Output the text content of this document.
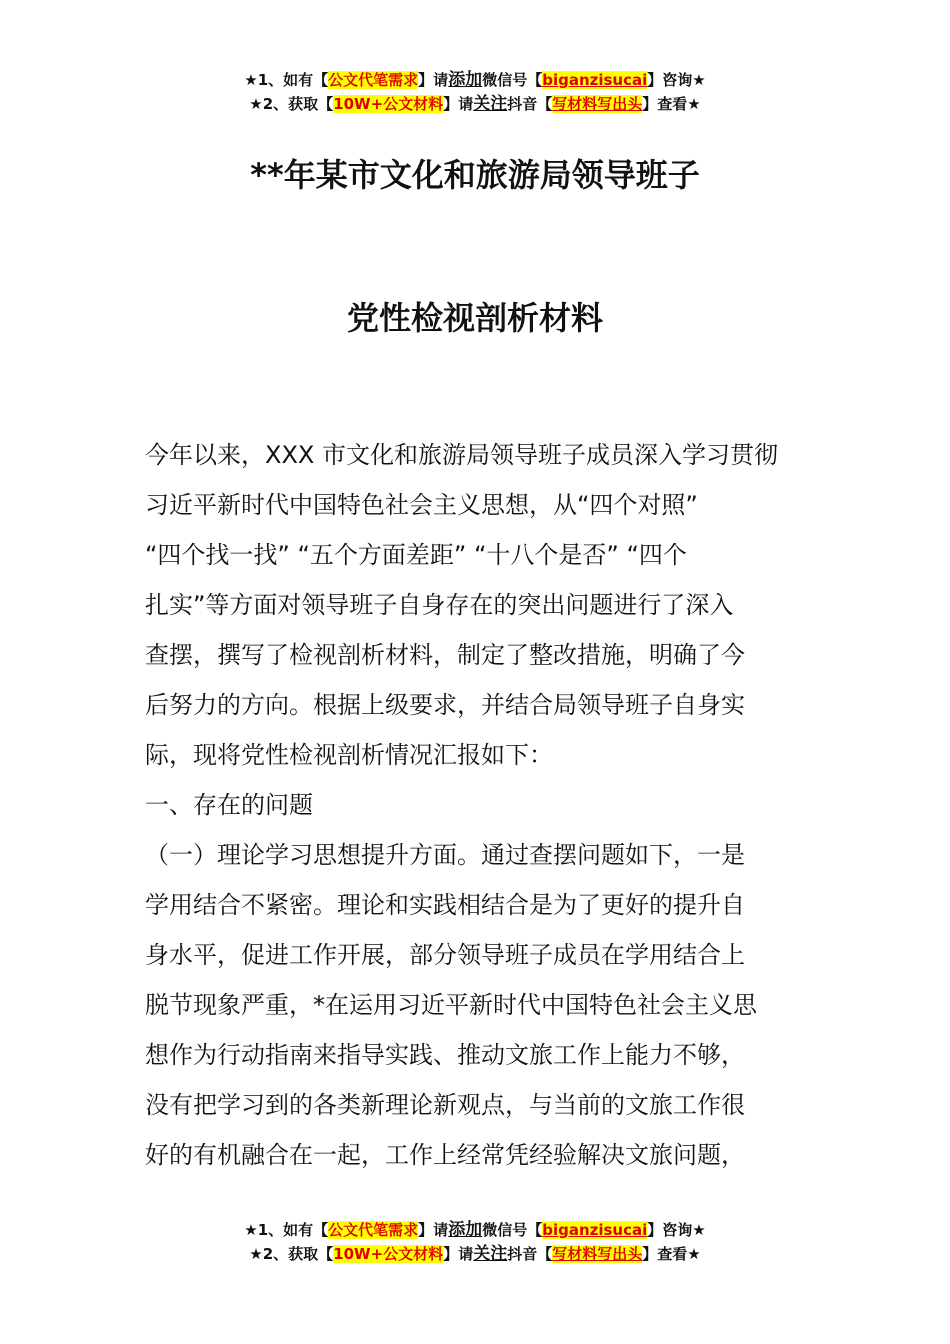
★1、如有【公文代笔需求】请添加微信号【biganzisucai】咨询★
★2、获取【10W+公文材料】请关注抖音【写材料写出头】查看★
**年某市文化和旅游局领导班子
党性检视剖析材料
今年以来，XXX 市文化和旅游局领导班子成员深入学习贯彻
习近平新时代中国特色社会主义思想，从“四个对照”
“四个找一找” “五个方面差距” “十八个是否” “四个
扎实”等方面对领导班子自身存在的突出问题进行了深入
查摆，撰写了检视剖析材料，制定了整改措施，明确了今
后努力的方向。根据上级要求，并结合局领导班子自身实
际，现将党性检视剖析情况汇报如下：
一、存在的问题
（一）理论学习思想提升方面。通过查摆问题如下，一是
学用结合不紧密。理论和实践相结合是为了更好的提升自
身水平，促进工作开展，部分领导班子成员在学用结合上
脱节现象严重，*在运用习近平新时代中国特色社会主义思
想作为行动指南来指导实践、推动文旅工作上能力不够，
没有把学习到的各类新理论新观点，与当前的文旅工作很
好的有机融合在一起，工作上经常凭经验解决文旅问题，
★1、如有【公文代笔需求】请添加微信号【biganzisucai】咨询★
★2、获取【10W+公文材料】请关注抖音【写材料写出头】查看★
